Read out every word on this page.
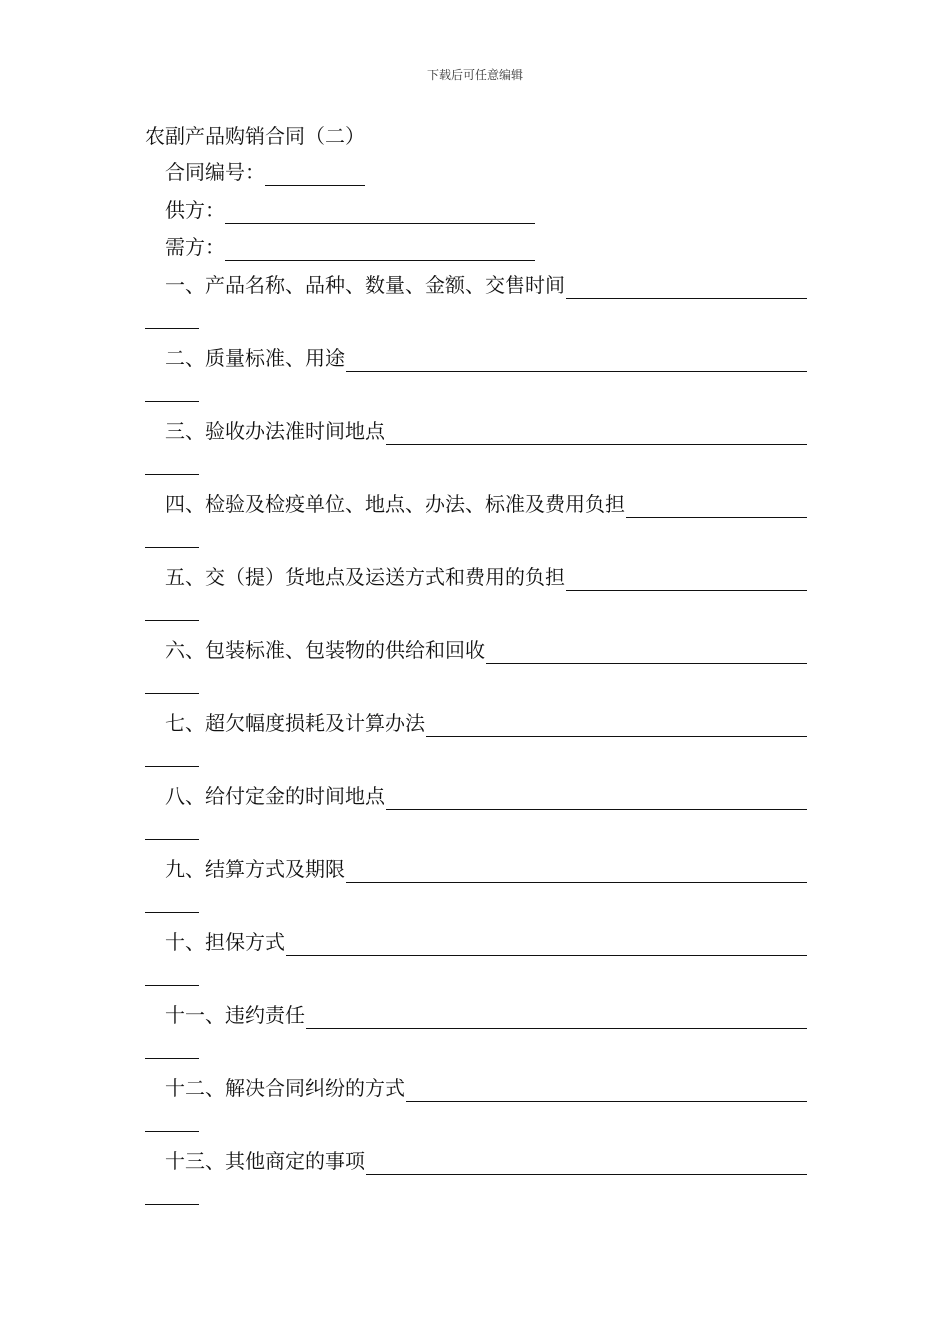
下载后可任意编辑
农副产品购销合同（二）
合同编号：
供方：
需方：
一、产品名称、品种、数量、金额、交售时间
二、质量标准、用途
三、验收办法准时间地点
四、检验及检疫单位、地点、办法、标准及费用负担
五、交（提）货地点及运送方式和费用的负担
六、包装标准、包装物的供给和回收
七、超欠幅度损耗及计算办法
八、给付定金的时间地点
九、结算方式及期限
十、担保方式
十一、违约责任
十二、解决合同纠纷的方式
十三、其他商定的事项
